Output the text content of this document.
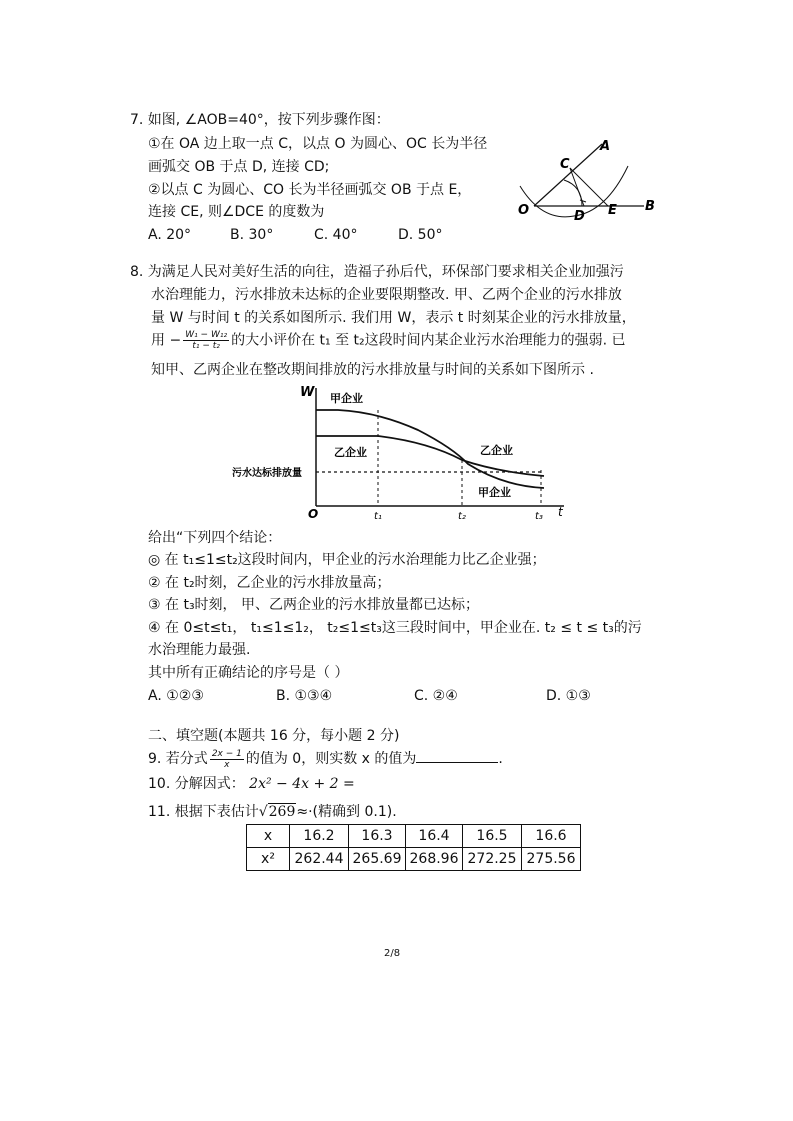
7. 如图, ∠AOB=40°，按下列步骤作图：
①在 OA 边上取一点 C，以点 O 为圆心、OC 长为半径
画弧交 OB 于点 D, 连接 CD;
②以点 C 为圆心、CO 长为半径画弧交 OB 于点 E，
连接 CE, 则∠DCE 的度数为
A. 20°	B. 30°	C. 40°	D. 50°
O
C
A
D E B
8. 为满足人民对美好生活的向往，造福子孙后代，环保部门要求相关企业加强污
水治理能力，污水排放未达标的企业要限期整改. 甲、乙两个企业的污水排放
量 W 与时间 t 的关系如图所示. 我们用 W，表示 t 时刻某企业的污水排放量，
用 − $\frac{\text{W₁ − W₁₂}}{\text{t₁ − t₂}}$ 的大小评价在 t₁ 至 t₂这段时间内某企业污水治理能力的强弱. 已
知甲、乙两企业在整改期间排放的污水排放量与时间的关系如下图所示 .
W
t
O
污水达标排放量
甲企业
乙企业	乙企业
甲企业
t₁	t₂	t₃
给出“下列四个结论：
◎ 在 t₁≤1≤t₂这段时间内，甲企业的污水治理能力比乙企业强；
② 在 t₂时刻，乙企业的污水排放量高；
③ 在 t₃时刻， 甲、乙两企业的污水排放量都已达标；
④ 在 0≤t≤t₁， t₁≤1≤1₂， t₂≤1≤t₃这三段时间中，甲企业在. t₂ ≤ t ≤ t₃的污
水治理能力最强.
其中所有正确结论的序号是（ ）
A. ①②③	B. ①③④	C. ②④	D. ①③
二、填空题(本题共 16 分，每小题 2 分)
9. 若分式 $\frac{2x - 1}{x}$ 的值为 0，则实数 x 的值为	.
10. 分解因式： 2x² − 4x + 2 =
11. 根据下表估计√269≈·(精确到 0.1).
x	16.2	16.3	16.4	16.5	16.6
x²	262.44	265.69	268.96	272.25	275.56
2/8
